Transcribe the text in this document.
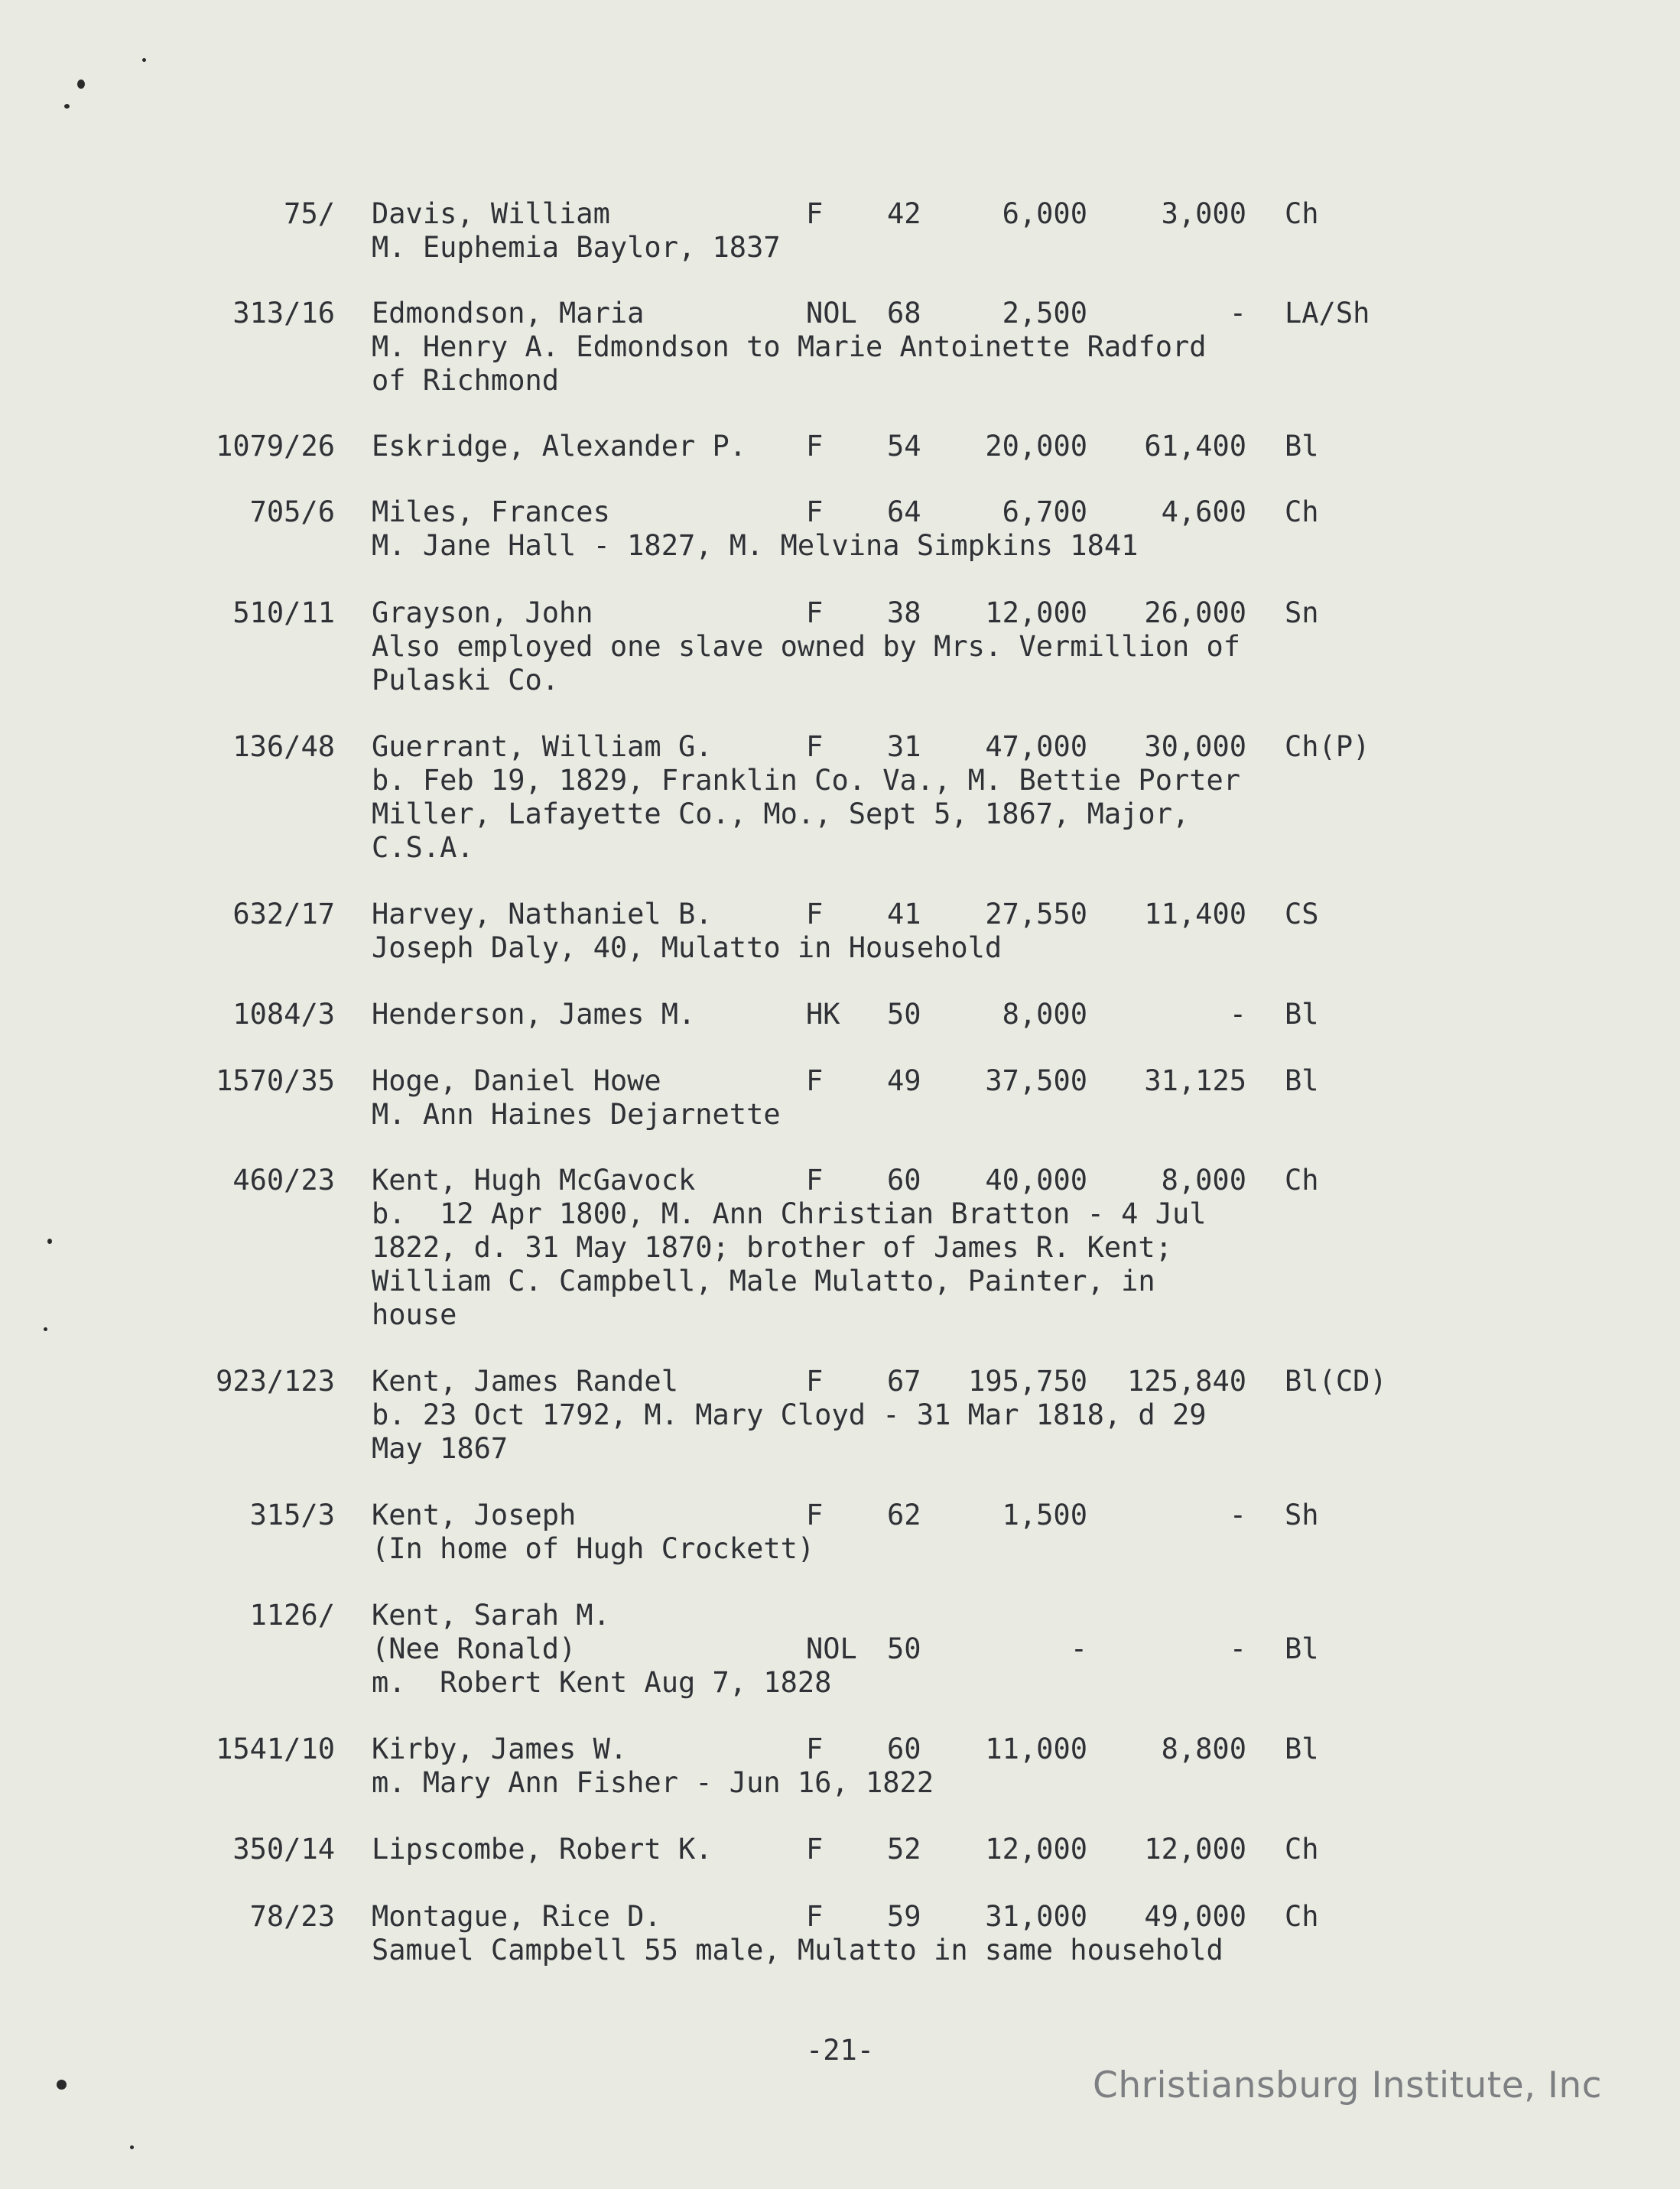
75/ Davis, William	F 42	6,000	3,000 Ch
M. Euphemia Baylor, 1837
313/16 Edmondson, Maria	NOL 68	2,500	- LA/Sh
M. Henry A. Edmondson to Marie Antoinette Radford
of Richmond
1079/26 Eskridge, Alexander P. F 54	20,000	61,400 Bl
705/6 Miles, Frances	F 64	6,700	4,600 Ch
M. Jane Hall - 1827, M. Melvina Simpkins 1841
510/11 Grayson, John	F 38	12,000	26,000 Sn
Also employed one slave owned by Mrs. Vermillion of
Pulaski Co.
136/48 Guerrant, William G.	F 31	47,000	30,000 Ch(P)
b. Feb 19, 1829, Franklin Co. Va., M. Bettie Porter
Miller, Lafayette Co., Mo., Sept 5, 1867, Major,
C.S.A.
632/17 Harvey, Nathaniel B.	F 41	27,550	11,400 CS
Joseph Daly, 40, Mulatto in Household
1084/3 Henderson, James M.	HK 50	8,000	- Bl
1570/35 Hoge, Daniel Howe	F 49	37,500	31,125 Bl
M. Ann Haines Dejarnette
460/23 Kent, Hugh McGavock	F 60	40,000	8,000 Ch
b.  12 Apr 1800, M. Ann Christian Bratton - 4 Jul
1822, d. 31 May 1870; brother of James R. Kent;
William C. Campbell, Male Mulatto, Painter, in
house
923/123 Kent, James Randel	F 67	195,750	125,840 Bl(CD)
b. 23 Oct 1792, M. Mary Cloyd - 31 Mar 1818, d 29
May 1867
315/3 Kent, Joseph	F 62	1,500	- Sh
(In home of Hugh Crockett)
1126/ Kent, Sarah M.
(Nee Ronald)	NOL 50	-	- Bl
m.  Robert Kent Aug 7, 1828
1541/10 Kirby, James W.	F 60	11,000	8,800 Bl
m. Mary Ann Fisher - Jun 16, 1822
350/14 Lipscombe, Robert K.	F 52	12,000	12,000 Ch
78/23 Montague, Rice D.	F 59	31,000	49,000 Ch
Samuel Campbell 55 male, Mulatto in same household
-21-
Christiansburg Institute, Inc
